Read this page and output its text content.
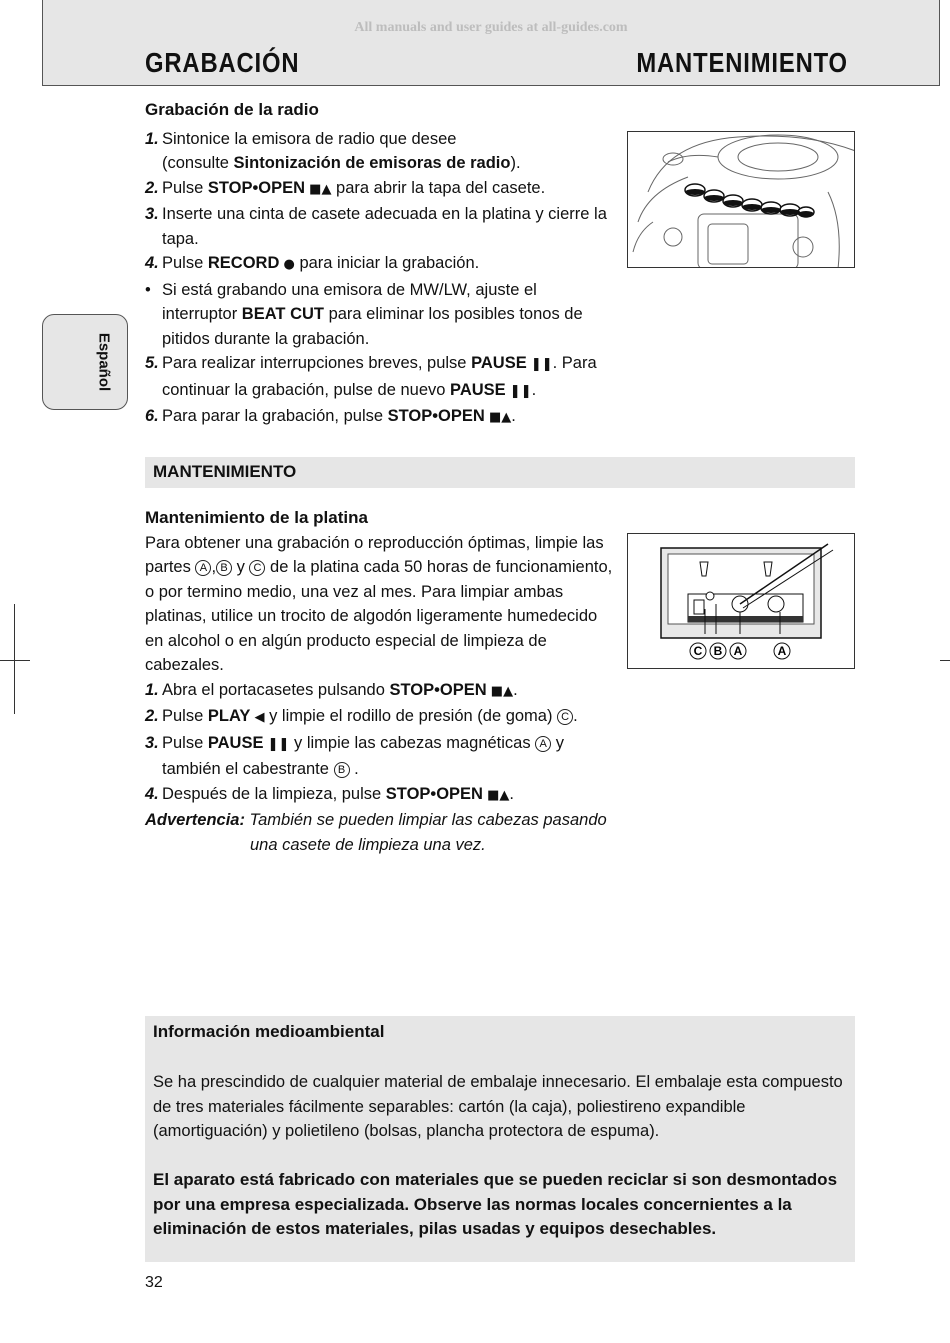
All manuals and user guides at all-guides.com
GRABACIÓN	MANTENIMIENTO
Español

Grabación de la radio

1. Sintonice la emisora de radio que desee
(consulte Sintonización de emisoras de radio).

2. Pulse STOP•OPEN ■▲ para abrir la tapa del casete.

3. Inserte una cinta de casete adecuada en la platina y cierre la tapa.

4. Pulse RECORD ● para iniciar la grabación.

• Si está grabando una emisora de MW/LW, ajuste el interruptor BEAT CUT para eliminar los posibles tonos de pitidos durante la grabación.

5. Para realizar interrupciones breves, pulse PAUSE ❚❚. Para continuar la grabación, pulse de nuevo PAUSE ❚❚.

6. Para parar la grabación, pulse STOP•OPEN ■▲.

MANTENIMIENTO

Mantenimiento de la platina

Para obtener una grabación o reproducción óptimas, limpie las partes A , B y C de la platina cada 50 horas de funcionamiento, o por termino medio, una vez al mes. Para limpiar ambas platinas, utilice un trocito de algodón ligeramente humedecido en alcohol o en algún producto especial de limpieza de cabezales.

1. Abra el portacasetes pulsando STOP•OPEN ■▲.

2. Pulse PLAY ◀ y limpie el rodillo de presión (de goma) C .

3. Pulse PAUSE ❚❚ y limpie las cabezas magnéticas A y también el cabestrante B .

4. Después de la limpieza, pulse STOP•OPEN ■▲.

Advertencia: También se pueden limpiar las cabezas pasando
una casete de limpieza una vez.

C B A	A
Información medioambiental
Se ha prescindido de cualquier material de embalaje innecesario. El embalaje esta compuesto de tres materiales fácilmente separables: cartón (la caja), poliestireno expandible (amortiguación) y polietileno (bolsas, plancha protectora de espuma).
El aparato está fabricado con materiales que se pueden reciclar si son desmontados por una empresa especializada. Observe las normas locales concernientes a la eliminación de estos materiales, pilas usadas y equipos desechables.
32
